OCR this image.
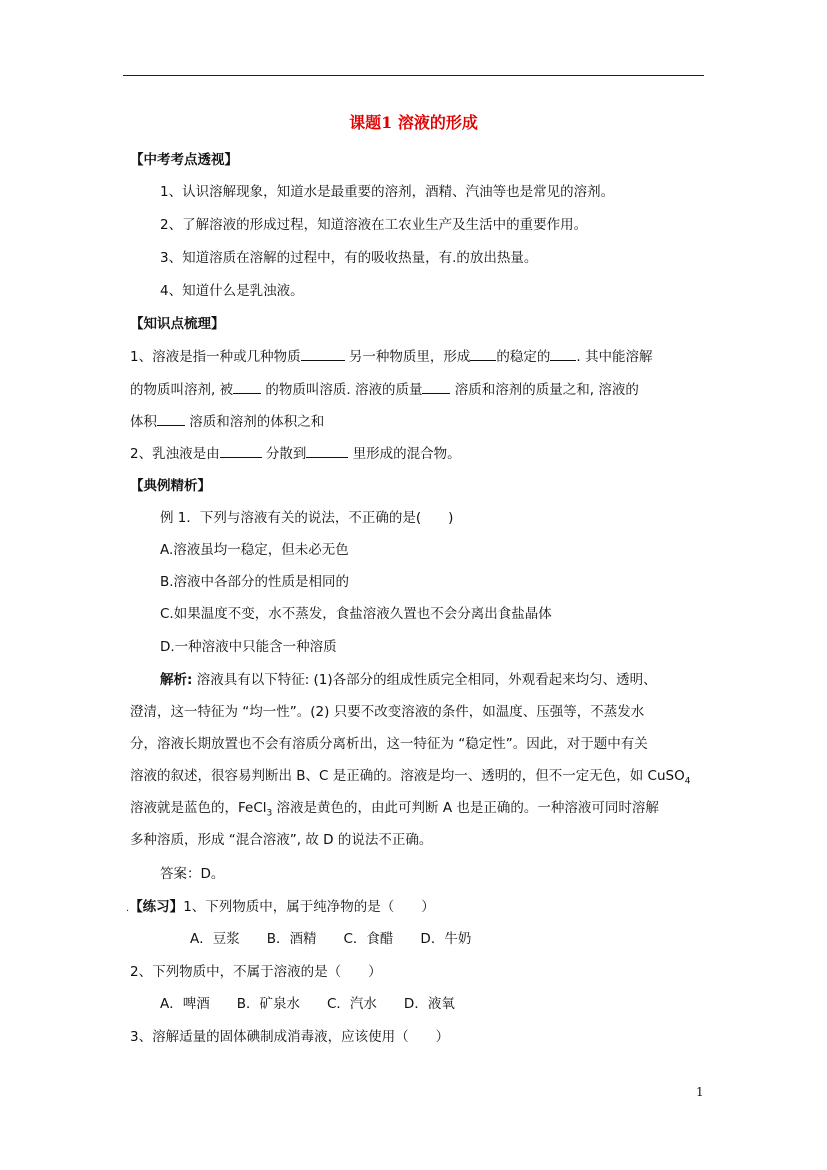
课题1 溶液的形成
【中考考点透视】
1、认识溶解现象，知道水是最重要的溶剂，酒精、汽油等也是常见的溶剂。
2、了解溶液的形成过程，知道溶液在工农业生产及生活中的重要作用。
3、知道溶质在溶解的过程中，有的吸收热量，有.的放出热量。
4、知道什么是乳浊液。
【知识点梳理】
1、溶液是指一种或几种物质	另一种物质里，形成 的稳定的 . 其中能溶解
的物质叫溶剂, 被 的物质叫溶质. 溶液的质量 溶质和溶剂的质量之和, 溶液的
体积 溶质和溶剂的体积之和
2、乳浊液是由	分散到	里形成的混合物。
【典例精析】
例 1．下列与溶液有关的说法，不正确的是(　　)
A.溶液虽均一稳定，但未必无色
B.溶液中各部分的性质是相同的
C.如果温度不变，水不蒸发，食盐溶液久置也不会分离出食盐晶体
D.一种溶液中只能含一种溶质
解析: 溶液具有以下特征: (1)各部分的组成性质完全相同，外观看起来均匀、透明、
澄清，这一特征为 “均一性”。(2) 只要不改变溶液的条件，如温度、压强等，不蒸发水
分，溶液长期放置也不会有溶质分离析出，这一特征为 “稳定性”。因此，对于题中有关
溶液的叙述，很容易判断出 B、C 是正确的。溶液是均一、透明的，但不一定无色，如 CuSO$_4$
溶液就是蓝色的，FeCl$_3$ 溶液是黄色的，由此可判断 A 也是正确的。一种溶液可同时溶解
多种溶质，形成 “混合溶液”, 故 D 的说法不正确。
答案：D。
.【练习】1、下列物质中，属于纯净物的是（　　）
A．豆浆　　B．酒精　　C．食醋　　D．牛奶
2、下列物质中，不属于溶液的是（　　）
A．啤酒　　B．矿泉水　　C．汽水　　D．液氧
3、溶解适量的固体碘制成消毒液，应该使用（　　）
1
